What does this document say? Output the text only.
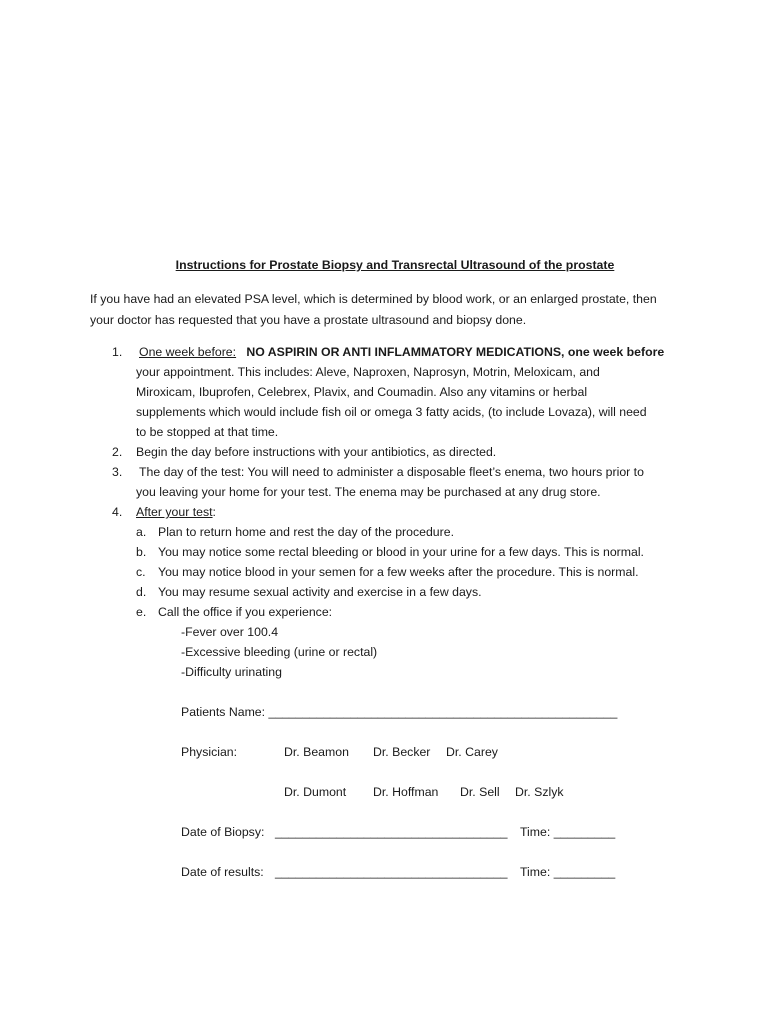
Instructions for Prostate Biopsy and Transrectal Ultrasound of the prostate
If you have had an elevated PSA level, which is determined by blood work, or an enlarged prostate, then
your doctor has requested that you have a prostate ultrasound and biopsy done.
1. One week before: NO ASPIRIN OR ANTI INFLAMMATORY MEDICATIONS, one week before
your appointment. This includes: Aleve, Naproxen, Naprosyn, Motrin, Meloxicam, and
Miroxicam, Ibuprofen, Celebrex, Plavix, and Coumadin. Also any vitamins or herbal
supplements which would include fish oil or omega 3 fatty acids, (to include Lovaza), will need
to be stopped at that time.
2. Begin the day before instructions with your antibiotics, as directed.
3. The day of the test: You will need to administer a disposable fleet’s enema, two hours prior to
you leaving your home for your test. The enema may be purchased at any drug store.
4. After your test:
a. Plan to return home and rest the day of the procedure.
b. You may notice some rectal bleeding or blood in your urine for a few days. This is normal.
c. You may notice blood in your semen for a few weeks after the procedure. This is normal.
d. You may resume sexual activity and exercise in a few days.
e. Call the office if you experience:
-Fever over 100.4
-Excessive bleeding (urine or rectal)
-Difficulty urinating
Patients Name: ___________________________________________________
Physician:	Dr. Beamon Dr. Becker Dr. Carey
Dr. Dumont Dr. Hoffman Dr. Sell Dr. Szlyk
Date of Biopsy: __________________________________ Time: _________
Date of results: __________________________________ Time: _________
